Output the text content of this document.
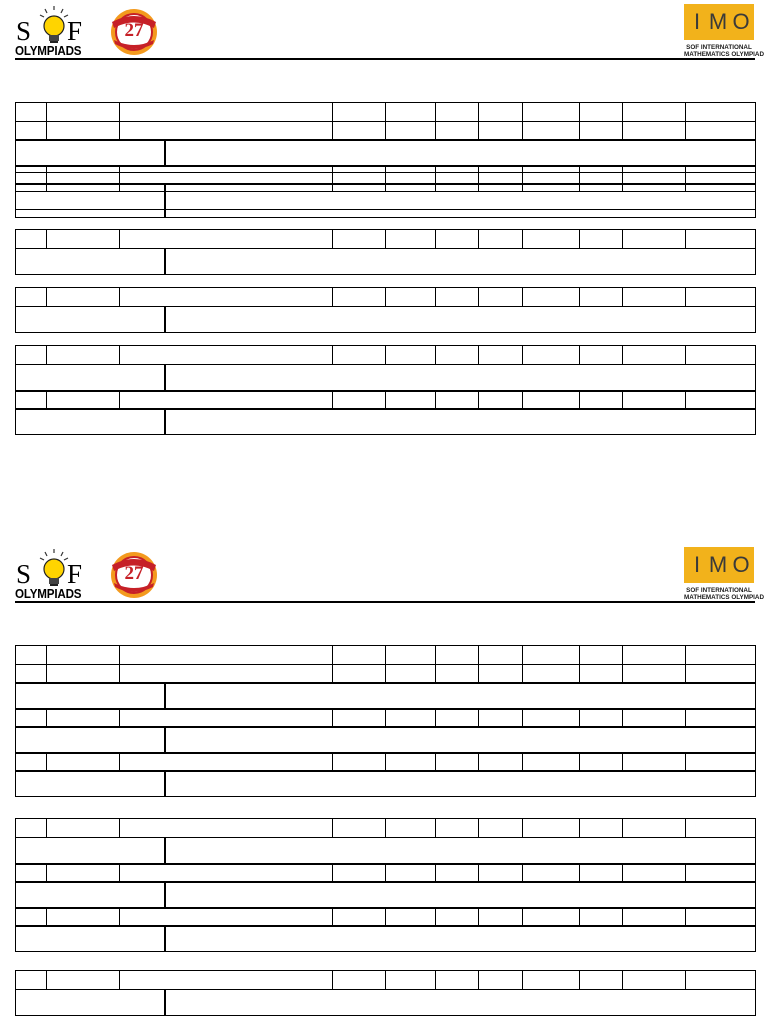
S F
OLYMPIADS
27	I M O
SOF INTERNATIONAL
MATHEMATICS OLYMPIAD
S F
OLYMPIADS
27	I M O
SOF INTERNATIONAL
MATHEMATICS OLYMPIAD
